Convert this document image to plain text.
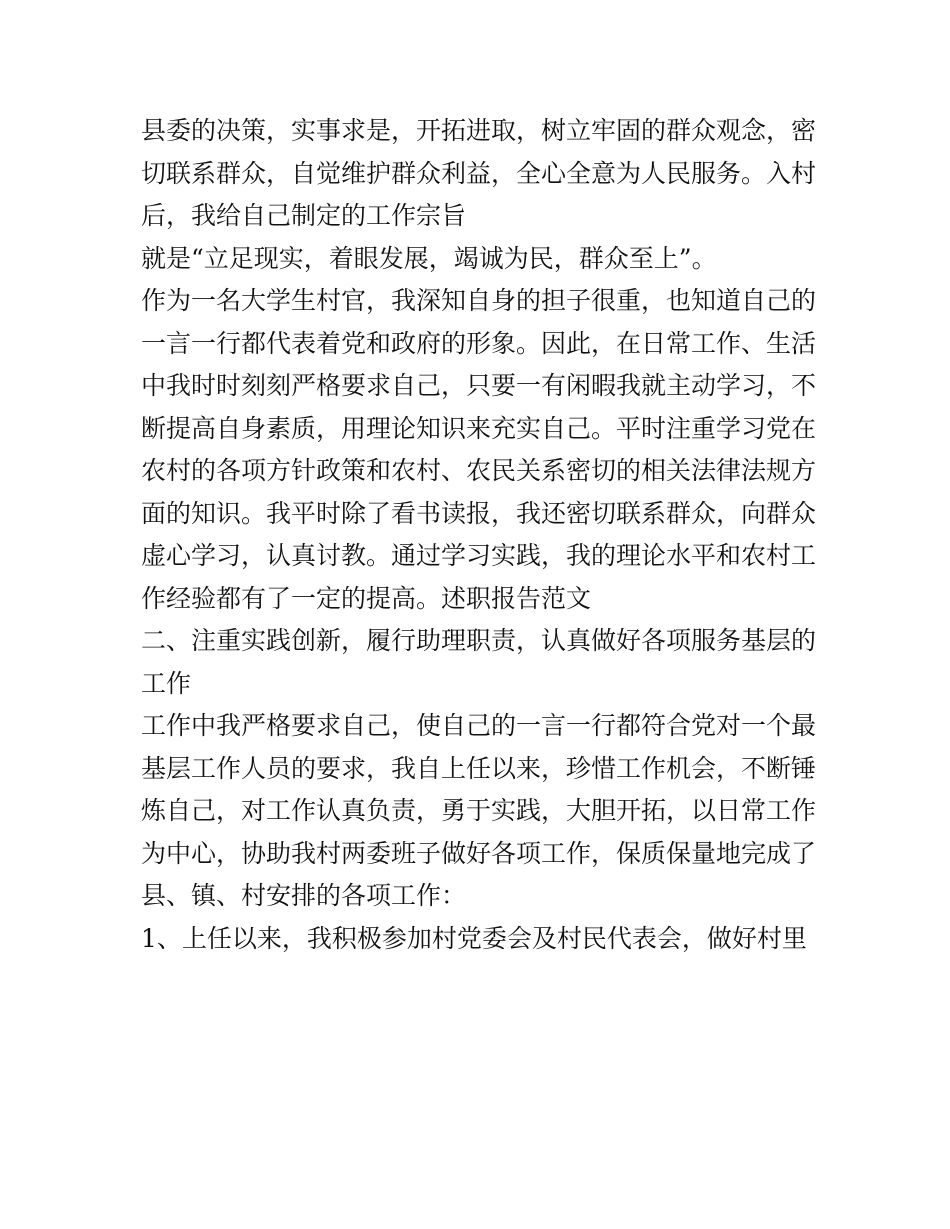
县委的决策，实事求是，开拓进取，树立牢固的群众观念，密
切联系群众，自觉维护群众利益，全心全意为人民服务。入村
后，我给自己制定的工作宗旨
就是“立足现实，着眼发展，竭诚为民，群众至上”。
作为一名大学生村官，我深知自身的担子很重，也知道自己的
一言一行都代表着党和政府的形象。因此，在日常工作、生活
中我时时刻刻严格要求自己，只要一有闲暇我就主动学习，不
断提高自身素质，用理论知识来充实自己。平时注重学习党在
农村的各项方针政策和农村、农民关系密切的相关法律法规方
面的知识。我平时除了看书读报，我还密切联系群众，向群众
虚心学习，认真讨教。通过学习实践，我的理论水平和农村工
作经验都有了一定的提高。述职报告范文
二、注重实践创新，履行助理职责，认真做好各项服务基层的
工作
工作中我严格要求自己，使自己的一言一行都符合党对一个最
基层工作人员的要求，我自上任以来，珍惜工作机会，不断锤
炼自己，对工作认真负责，勇于实践，大胆开拓，以日常工作
为中心，协助我村两委班子做好各项工作，保质保量地完成了
县、镇、村安排的各项工作：
1、上任以来，我积极参加村党委会及村民代表会，做好村里
